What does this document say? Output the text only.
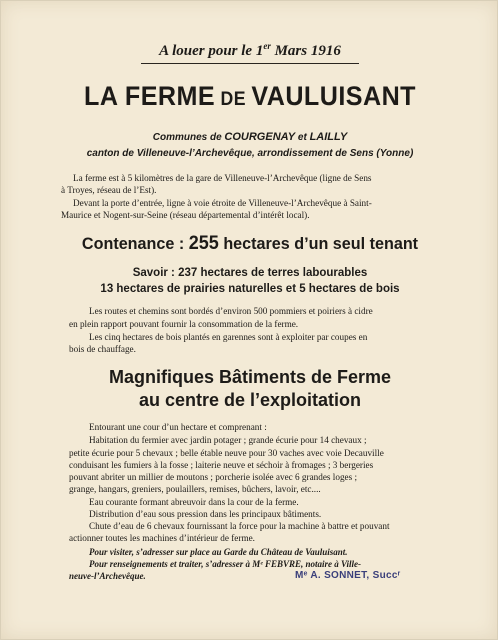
A louer pour le 1er Mars 1916
LA FERME DE VAULUISANT
Communes de COURGENAY et LAILLY
canton de Villeneuve-l’Archevêque, arrondissement de Sens (Yonne)
La ferme est à 5 kilomètres de la gare de Villeneuve-l’Archevêque (ligne de Sens
à Troyes, réseau de l’Est).
Devant la porte d’entrée, ligne à voie étroite de Villeneuve-l’Archevêque à Saint-
Maurice et Nogent-sur-Seine (réseau départemental d’intérêt local).
Contenance : 255 hectares d’un seul tenant
Savoir : 237 hectares de terres labourables
13 hectares de prairies naturelles et 5 hectares de bois
Les routes et chemins sont bordés d’environ 500 pommiers et poiriers à cidre
en plein rapport pouvant fournir la consommation de la ferme.
Les cinq hectares de bois plantés en garennes sont à exploiter par coupes en
bois de chauffage.
Magnifiques Bâtiments de Ferme
au centre de l’exploitation
Entourant une cour d’un hectare et comprenant :
Habitation du fermier avec jardin potager ; grande écurie pour 14 chevaux ;
petite écurie pour 5 chevaux ; belle étable neuve pour 30 vaches avec voie Decauville
conduisant les fumiers à la fosse ; laiterie neuve et séchoir à fromages ; 3 bergeries
pouvant abriter un millier de moutons ; porcherie isolée avec 6 grandes loges ;
grange, hangars, greniers, poulaillers, remises, bûchers, lavoir, etc....
Eau courante formant abreuvoir dans la cour de la ferme.
Distribution d’eau sous pression dans les principaux bâtiments.
Chute d’eau de 6 chevaux fournissant la force pour la machine à battre et pouvant
actionner toutes les machines d’intérieur de ferme.
Pour visiter, s’adresser sur place au Garde du Château de Vauluisant.
Pour renseignements et traiter, s’adresser à Mᵉ FEBVRE, notaire à Ville-
neuve-l’Archevêque.	Mᵉ A. SONNET, Succʳ
